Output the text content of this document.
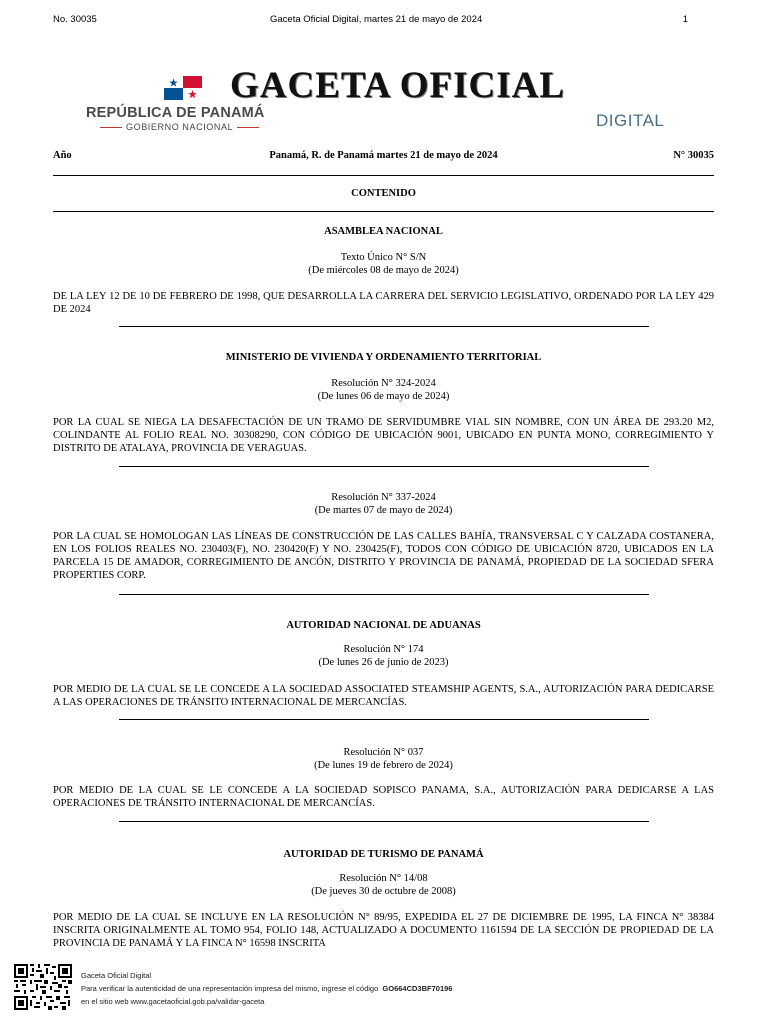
No. 30035	Gaceta Oficial Digital, martes 21 de mayo de 2024	1
GACETA OFICIAL
REPÚBLICA DE PANAMÁ
GOBIERNO NACIONAL	DIGITAL
Año	Panamá, R. de Panamá martes 21 de mayo de 2024	N° 30035
CONTENIDO
ASAMBLEA NACIONAL
Texto Único N° S/N
(De miércoles 08 de mayo de 2024)
DE LA LEY 12 DE 10 DE FEBRERO DE 1998, QUE DESARROLLA LA CARRERA DEL SERVICIO LEGISLATIVO, ORDENADO POR LA LEY 429 DE 2024
MINISTERIO DE VIVIENDA Y ORDENAMIENTO TERRITORIAL
Resolución N° 324-2024
(De lunes 06 de mayo de 2024)
POR LA CUAL SE NIEGA LA DESAFECTACIÓN DE UN TRAMO DE SERVIDUMBRE VIAL SIN NOMBRE, CON UN ÁREA DE 293.20 M2, COLINDANTE AL FOLIO REAL NO. 30308290, CON CÓDIGO DE UBICACIÓN 9001, UBICADO EN PUNTA MONO, CORREGIMIENTO Y DISTRITO DE ATALAYA, PROVINCIA DE VERAGUAS.
Resolución N° 337-2024
(De martes 07 de mayo de 2024)
POR LA CUAL SE HOMOLOGAN LAS LÍNEAS DE CONSTRUCCIÓN DE LAS CALLES BAHÍA, TRANSVERSAL C Y CALZADA COSTANERA, EN LOS FOLIOS REALES NO. 230403(F), NO. 230420(F) Y NO. 230425(F), TODOS CON CÓDIGO DE UBICACIÓN 8720, UBICADOS EN LA PARCELA 15 DE AMADOR, CORREGIMIENTO DE ANCÓN, DISTRITO Y PROVINCIA DE PANAMÁ, PROPIEDAD DE LA SOCIEDAD SFERA PROPERTIES CORP.
AUTORIDAD NACIONAL DE ADUANAS
Resolución N° 174
(De lunes 26 de junio de 2023)
POR MEDIO DE LA CUAL SE LE CONCEDE A LA SOCIEDAD ASSOCIATED STEAMSHIP AGENTS, S.A., AUTORIZACIÓN PARA DEDICARSE A LAS OPERACIONES DE TRÁNSITO INTERNACIONAL DE MERCANCÍAS.
Resolución N° 037
(De lunes 19 de febrero de 2024)
POR MEDIO DE LA CUAL SE LE CONCEDE A LA SOCIEDAD SOPISCO PANAMA, S.A., AUTORIZACIÓN PARA DEDICARSE A LAS OPERACIONES DE TRÁNSITO INTERNACIONAL DE MERCANCÍAS.
AUTORIDAD DE TURISMO DE PANAMÁ
Resolución N° 14/08
(De jueves 30 de octubre de 2008)
POR MEDIO DE LA CUAL SE INCLUYE EN LA RESOLUCIÓN N° 89/95, EXPEDIDA EL 27 DE DICIEMBRE DE 1995, LA FINCA N° 38384 INSCRITA ORIGINALMENTE AL TOMO 954, FOLIO 148, ACTUALIZADO A DOCUMENTO 1161594 DE LA SECCIÓN DE PROPIEDAD DE LA PROVINCIA DE PANAMÁ Y LA FINCA N° 16598 INSCRITA
Gaceta Oficial Digital
Para verificar la autenticidad de una representación impresa del mismo, ingrese el código GO664CD3BF70196
en el sitio web www.gacetaoficial.gob.pa/validar-gaceta
